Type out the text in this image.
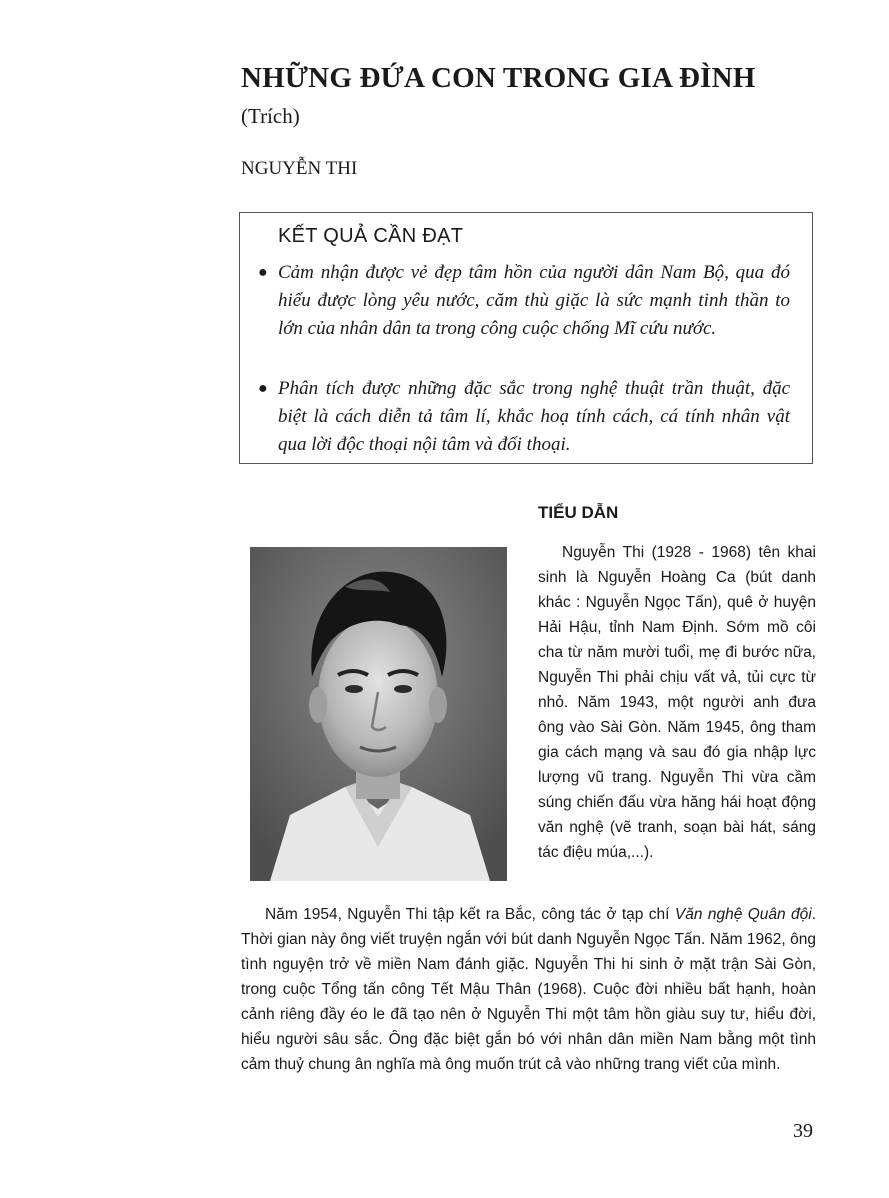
NHỮNG ĐỨA CON TRONG GIA ĐÌNH
(Trích)
NGUYỄN THI
KẾT QUẢ CẦN ĐẠT
● Cảm nhận được vẻ đẹp tâm hồn của người dân Nam Bộ, qua đó hiểu được lòng yêu nước, căm thù giặc là sức mạnh tinh thần to lớn của nhân dân ta trong công cuộc chống Mĩ cứu nước.
● Phân tích được những đặc sắc trong nghệ thuật trần thuật, đặc biệt là cách diễn tả tâm lí, khắc hoạ tính cách, cá tính nhân vật qua lời độc thoại nội tâm và đối thoại.
TIỂU DẪN

Nguyễn Thi (1928 - 1968) tên khai sinh là Nguyễn Hoàng Ca (bút danh khác : Nguyễn Ngọc Tấn), quê ở huyện Hải Hậu, tỉnh Nam Định. Sớm mồ côi cha từ năm mười tuổi, mẹ đi bước nữa, Nguyễn Thi phải chịu vất vả, tủi cực từ nhỏ. Năm 1943, một người anh đưa ông vào Sài Gòn. Năm 1945, ông tham gia cách mạng và sau đó gia nhập lực lượng vũ trang. Nguyễn Thi vừa cầm súng chiến đấu vừa hăng hái hoạt động văn nghệ (vẽ tranh, soạn bài hát, sáng tác điệu múa,...).

Năm 1954, Nguyễn Thi tập kết ra Bắc, công tác ở tạp chí Văn nghệ Quân đội. Thời gian này ông viết truyện ngắn với bút danh Nguyễn Ngọc Tấn. Năm 1962, ông tình nguyện trở về miền Nam đánh giặc. Nguyễn Thi hi sinh ở mặt trận Sài Gòn, trong cuộc Tổng tấn công Tết Mậu Thân (1968). Cuộc đời nhiều bất hạnh, hoàn cảnh riêng đầy éo le đã tạo nên ở Nguyễn Thi một tâm hồn giàu suy tư, hiểu đời, hiểu người sâu sắc. Ông đặc biệt gắn bó với nhân dân miền Nam bằng một tình cảm thuỷ chung ân nghĩa mà ông muốn trút cả vào những trang viết của mình.

39
